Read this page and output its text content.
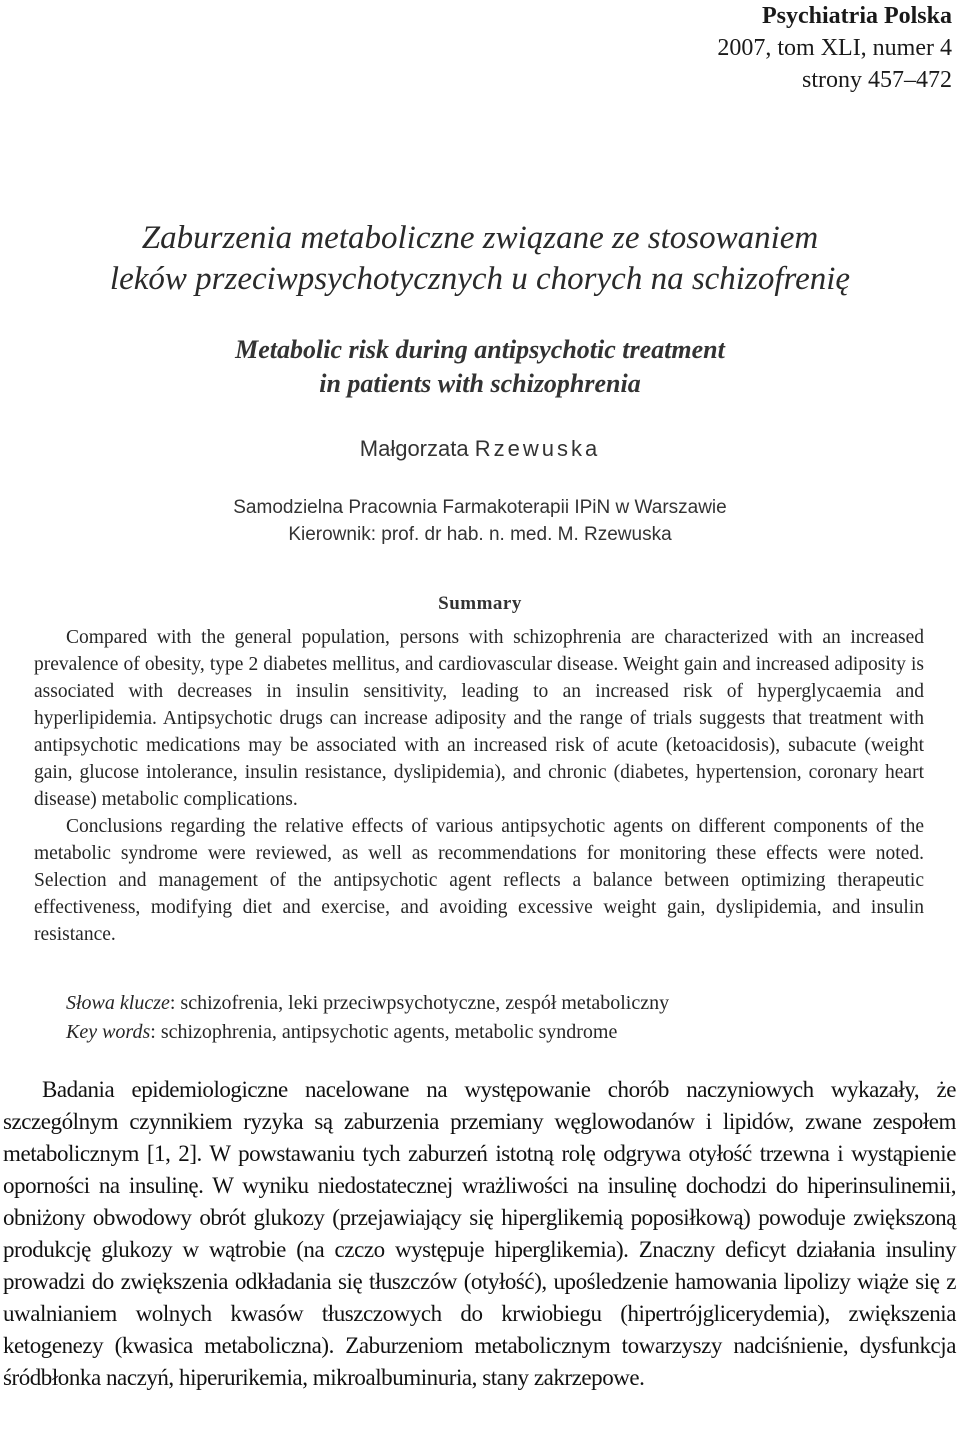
Psychiatria Polska
2007, tom XLI, numer 4
strony 457–472
Zaburzenia metaboliczne związane ze stosowaniem
leków przeciwpsychotycznych u chorych na schizofrenię
Metabolic risk during antipsychotic treatment
in patients with schizophrenia
Małgorzata Rzewuska
Samodzielna Pracownia Farmakoterapii IPiN w Warszawie
Kierownik: prof. dr hab. n. med. M. Rzewuska
Summary

Compared with the general population, persons with schizophrenia are characterized with an increased prevalence of obesity, type 2 diabetes mellitus, and cardiovascular disease. Weight gain and increased adiposity is associated with decreases in insulin sensitivity, leading to an increased risk of hyperglycaemia and hyperlipidemia. Antipsychotic drugs can increase adiposity and the range of trials suggests that treatment with antipsychotic medications may be associated with an increased risk of acute (ketoacidosis), subacute (weight gain, glucose intolerance, insulin resistance, dyslipidemia), and chronic (diabetes, hypertension, coronary heart disease) metabolic complications.

Conclusions regarding the relative effects of various antipsychotic agents on different components of the metabolic syndrome were reviewed, as well as recommendations for monitoring these effects were noted. Selection and management of the antipsychotic agent reflects a balance between optimizing therapeutic effectiveness, modifying diet and exercise, and avoiding excessive weight gain, dyslipidemia, and insulin resistance.

Słowa klucze: schizofrenia, leki przeciwpsychotyczne, zespół metaboliczny
Key words: schizophrenia, antipsychotic agents, metabolic syndrome

Badania epidemiologiczne nacelowane na występowanie chorób naczyniowych wykazały, że szczególnym czynnikiem ryzyka są zaburzenia przemiany węglowodanów i lipidów, zwane zespołem metabolicznym [1, 2]. W powstawaniu tych zaburzeń istotną rolę odgrywa otyłość trzewna i wystąpienie oporności na insulinę. W wyniku niedostatecznej wrażliwości na insulinę dochodzi do hiperinsulinemii, obniżony obwodowy obrót glukozy (przejawiający się hiperglikemią poposiłkową) powoduje zwiększoną produkcję glukozy w wątrobie (na czczo występuje hiperglikemia). Znaczny deficyt działania insuliny prowadzi do zwiększenia odkładania się tłuszczów (otyłość), upośledzenie hamowania lipolizy wiąże się z uwalnianiem wolnych kwasów tłuszczowych do krwiobiegu (hipertrójglicerydemia), zwiększenia ketogenezy (kwasica metaboliczna). Zaburzeniom metabolicznym towarzyszy nadciśnienie, dysfunkcja śródbłonka naczyń, hiperurikemia, mikroalbuminuria, stany zakrzepowe.
